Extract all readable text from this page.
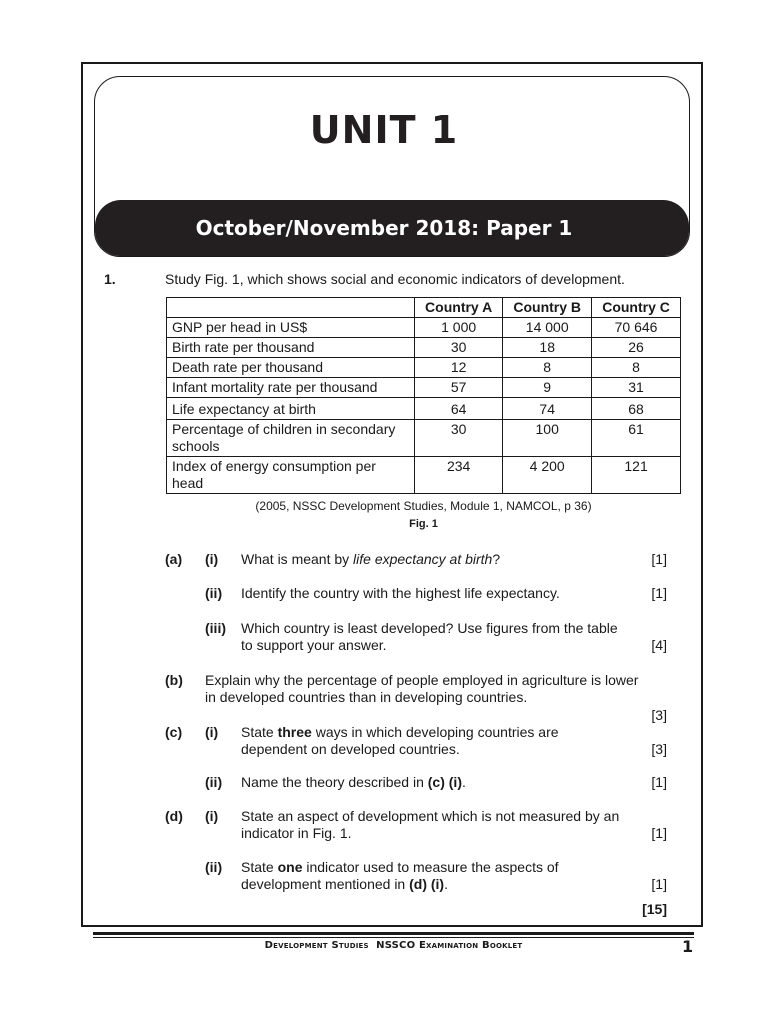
UNIT 1
October/November 2018: Paper 1
1.	Study Fig. 1, which shows social and economic indicators of development.
	Country A	Country B	Country C
GNP per head in US$	1 000	14 000	70 646
Birth rate per thousand	30	18	26
Death rate per thousand	12	8	8
Infant mortality rate per thousand	57	9	31
Life expectancy at birth	64	74	68
Percentage of children in secondary schools	30	100	61
Index of energy consumption per head	234	4 200	121
(2005, NSSC Development Studies, Module 1, NAMCOL, p 36)
Fig. 1
(a) (i) What is meant by life expectancy at birth?	[1]
(ii) Identify the country with the highest life expectancy.	[1]
(iii) Which country is least developed? Use figures from the table to support your answer.	[4]
(b) Explain why the percentage of people employed in agriculture is lower in developed countries than in developing countries.
[3]
(c) (i) State three ways in which developing countries are dependent on developed countries.	[3]
(ii) Name the theory described in (c) (i).	[1]
(d) (i) State an aspect of development which is not measured by an indicator in Fig. 1.	[1]
(ii) State one indicator used to measure the aspects of development mentioned in (d) (i).	[1]
[15]
Development Studies NSSCO Examination Booklet	1
